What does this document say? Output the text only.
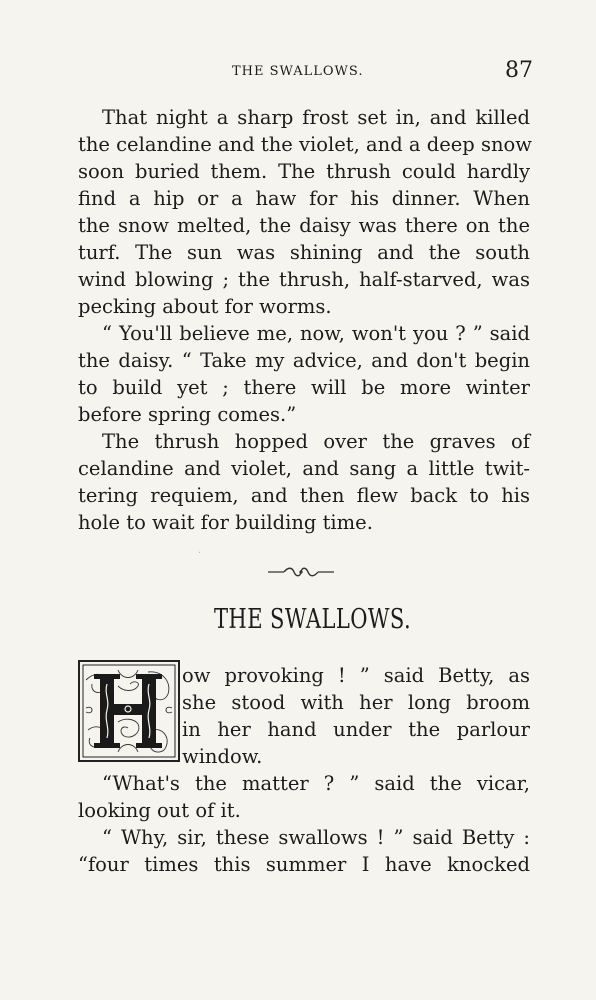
THE SWALLOWS.	87
That night a sharp frost set in, and killed
the celandine and the violet, and a deep snow
soon buried them. The thrush could hardly
find a hip or a haw for his dinner. When
the snow melted, the daisy was there on the
turf. The sun was shining and the south
wind blowing ; the thrush, half-starved, was
pecking about for worms.
“ You'll believe me, now, won't you ? ” said
the daisy. “ Take my advice, and don't begin
to build yet ; there will be more winter
before spring comes.”
The thrush hopped over the graves of
celandine and violet, and sang a little twit-
tering requiem, and then flew back to his
hole to wait for building time.
·
THE SWALLOWS.
ow provoking ! ” said Betty, as
she stood with her long broom
in her hand under the parlour
window.
“What's the matter ? ” said the vicar,
looking out of it.
“ Why, sir, these swallows ! ” said Betty :
“four times this summer I have knocked
